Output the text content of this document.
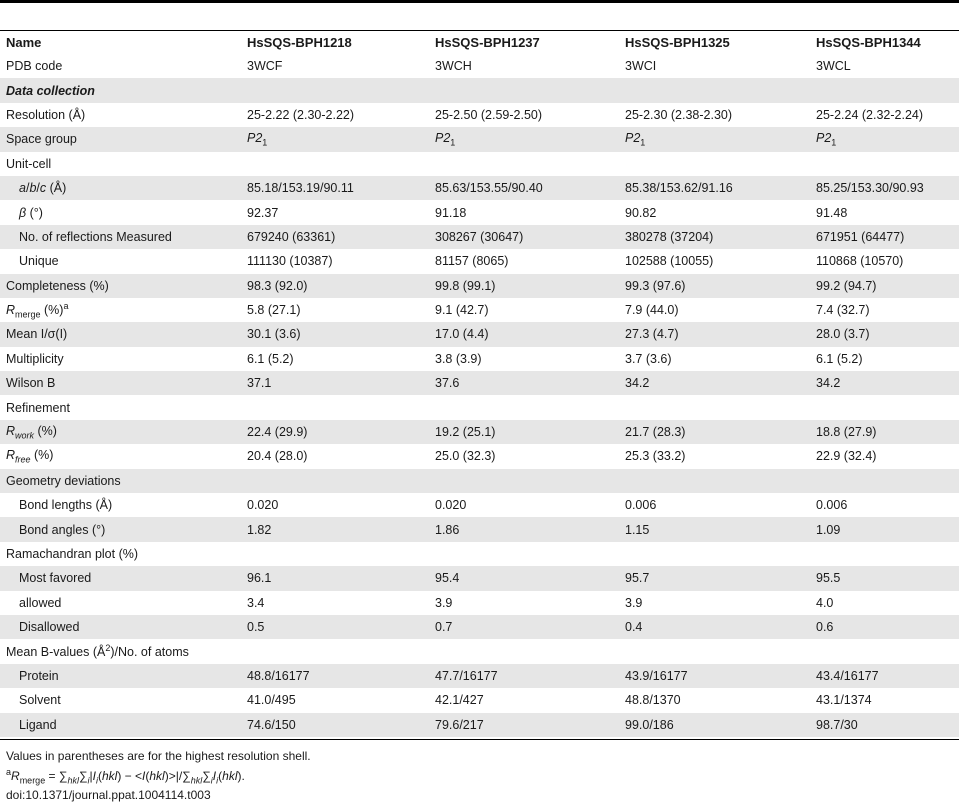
Name	HsSQS-BPH1218	HsSQS-BPH1237	HsSQS-BPH1325	HsSQS-BPH1344
PDB code	3WCF	3WCH	3WCI	3WCL
Data collection				
Resolution (Å)	25-2.22 (2.30-2.22)	25-2.50 (2.59-2.50)	25-2.30 (2.38-2.30)	25-2.24 (2.32-2.24)
Space group	$P2_1$	$P2_1$	$P2_1$	$P2_1$
Unit-cell				
a/b/c (Å)	85.18/153.19/90.11	85.63/153.55/90.40	85.38/153.62/91.16	85.25/153.30/90.93
β (°)	92.37	91.18	90.82	91.48
No. of reflections Measured	679240 (63361)	308267 (30647)	380278 (37204)	671951 (64477)
Unique	111130 (10387)	81157 (8065)	102588 (10055)	110868 (10570)
Completeness (%)	98.3 (92.0)	99.8 (99.1)	99.3 (97.6)	99.2 (94.7)
$R_{merge}$ (%)$^a$	5.8 (27.1)	9.1 (42.7)	7.9 (44.0)	7.4 (32.7)
Mean I/σ(I)	30.1 (3.6)	17.0 (4.4)	27.3 (4.7)	28.0 (3.7)
Multiplicity	6.1 (5.2)	3.8 (3.9)	3.7 (3.6)	6.1 (5.2)
Wilson B	37.1	37.6	34.2	34.2
Refinement				
$R_{work}$ (%)	22.4 (29.9)	19.2 (25.1)	21.7 (28.3)	18.8 (27.9)
$R_{free}$ (%)	20.4 (28.0)	25.0 (32.3)	25.3 (33.2)	22.9 (32.4)
Geometry deviations				
Bond lengths (Å)	0.020	0.020	0.006	0.006
Bond angles (°)	1.82	1.86	1.15	1.09
Ramachandran plot (%)				
Most favored	96.1	95.4	95.7	95.5
allowed	3.4	3.9	3.9	4.0
Disallowed	0.5	0.7	0.4	0.6
Mean B-values $(Å^2)/No$. of atoms				
Protein	48.8/16177	47.7/16177	43.9/16177	43.4/16177
Solvent	41.0/495	42.1/427	48.8/1370	43.1/1374
Ligand	74.6/150	79.6/217	99.0/186	98.7/30
Values in parentheses are for the highest resolution shell.
$^aR_{merge} = \sum_{hkl}\sum_i|I_i(hkl) - <I(hkl)>|/\sum_{hkl}\sum_iI_i(hkl)$.
doi:10.1371/journal.ppat.1004114.t003
